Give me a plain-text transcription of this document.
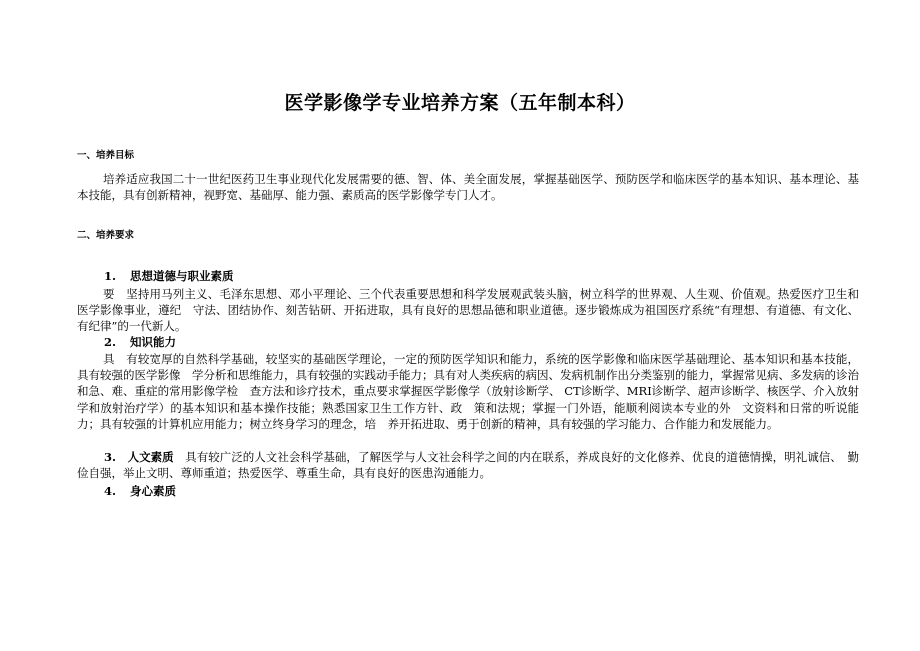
医学影像学专业培养方案（五年制本科）
一、培养目标

培养适应我国二十一世纪医药卫生事业现代化发展需要的德、智、体、美全面发展，掌握基础医学、预防医学和临床医学的基本知识、基本理论、基本技能，具有创新精神，视野宽、基础厚、能力强、素质高的医学影像学专门人才。

二、培养要求
1. 思想道德与职业素质

要　坚持用马列主义、毛泽东思想、邓小平理论、三个代表重要思想和科学发展观武装头脑，树立科学的世界观、人生观、价值观。热爱医疗卫生和医学影像事业，遵纪　守法、团结协作、刻苦钻研、开拓进取，具有良好的思想品德和职业道德。逐步锻炼成为祖国医疗系统“有理想、有道德、有文化、有纪律”的一代新人。

2. 知识能力

具　有较宽厚的自然科学基础，较坚实的基础医学理论，一定的预防医学知识和能力，系统的医学影像和临床医学基础理论、基本知识和基本技能，具有较强的医学影像　学分析和思维能力，具有较强的实践动手能力；具有对人类疾病的病因、发病机制作出分类鉴别的能力，掌握常见病、多发病的诊治和急、难、重症的常用影像学检　查方法和诊疗技术，重点要求掌握医学影像学（放射诊断学、 CT诊断学、MRI诊断学、超声诊断学、核医学、介入放射学和放射治疗学）的基本知识和基本操作技能；熟悉国家卫生工作方针、政　策和法规；掌握一门外语，能顺利阅读本专业的外　文资料和日常的听说能力；具有较强的计算机应用能力；树立终身学习的理念，培　养开拓进取、勇于创新的精神，具有较强的学习能力、合作能力和发展能力。

3.　 人文素质　 具有较广泛的人文社会科学基础，了解医学与人文社会科学之间的内在联系，养成良好的文化修养、优良的道德情操，明礼诚信、　勤俭自强，举止文明、尊师重道；热爱医学、尊重生命，具有良好的医患沟通能力。

4. 身心素质
